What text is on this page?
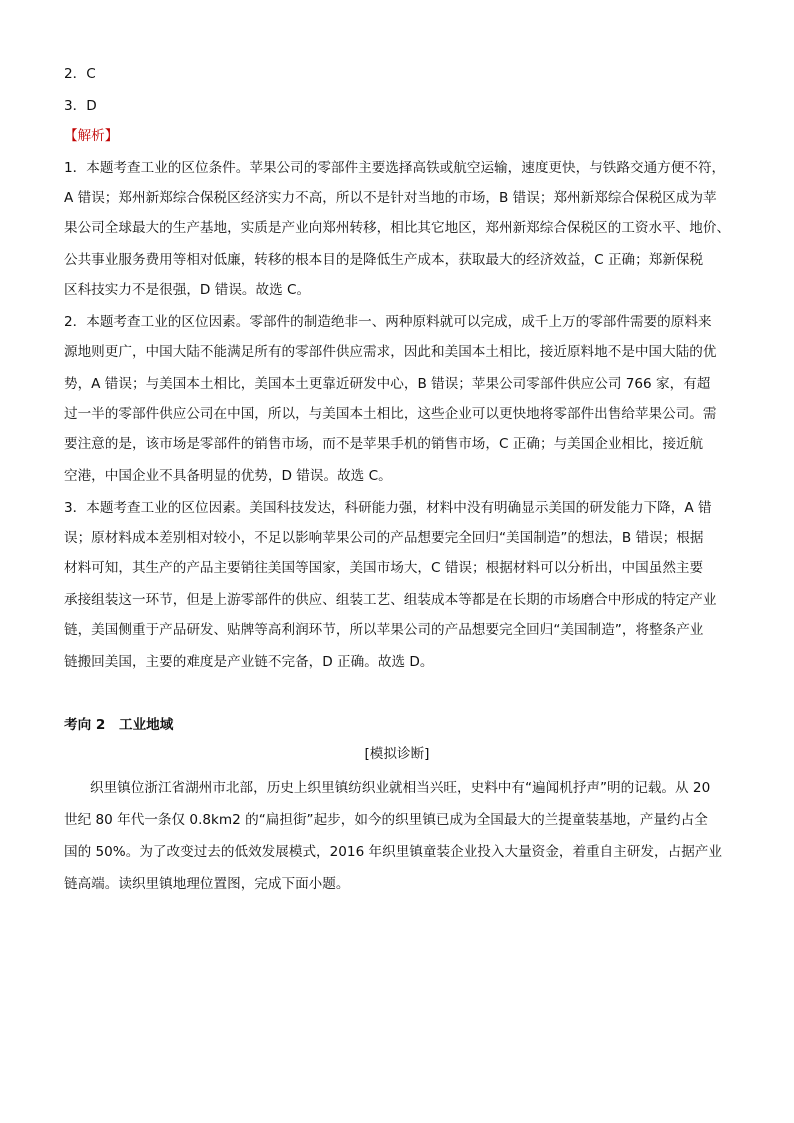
2．C
3．D
【解析】
1．本题考查工业的区位条件。苹果公司的零部件主要选择高铁或航空运输，速度更快，与铁路交通方便不符，
A 错误；郑州新郑综合保税区经济实力不高，所以不是针对当地的市场，B 错误；郑州新郑综合保税区成为苹
果公司全球最大的生产基地，实质是产业向郑州转移，相比其它地区，郑州新郑综合保税区的工资水平、地价、
公共事业服务费用等相对低廉，转移的根本目的是降低生产成本，获取最大的经济效益，C 正确；郑新保税
区科技实力不是很强，D 错误。故选 C。
2．本题考查工业的区位因素。零部件的制造绝非一、两种原料就可以完成，成千上万的零部件需要的原料来
源地则更广，中国大陆不能满足所有的零部件供应需求，因此和美国本土相比，接近原料地不是中国大陆的优
势，A 错误；与美国本土相比，美国本土更靠近研发中心，B 错误；苹果公司零部件供应公司 766 家，有超
过一半的零部件供应公司在中国，所以，与美国本土相比，这些企业可以更快地将零部件出售给苹果公司。需
要注意的是，该市场是零部件的销售市场，而不是苹果手机的销售市场，C 正确；与美国企业相比，接近航
空港，中国企业不具备明显的优势，D 错误。故选 C。
3．本题考查工业的区位因素。美国科技发达，科研能力强，材料中没有明确显示美国的研发能力下降，A 错
误；原材料成本差别相对较小，不足以影响苹果公司的产品想要完全回归“美国制造”的想法，B 错误；根据
材料可知，其生产的产品主要销往美国等国家，美国市场大，C 错误；根据材料可以分析出，中国虽然主要
承接组装这一环节，但是上游零部件的供应、组装工艺、组装成本等都是在长期的市场磨合中形成的特定产业
链，美国侧重于产品研发、贴牌等高利润环节，所以苹果公司的产品想要完全回归“美国制造”，将整条产业
链搬回美国，主要的难度是产业链不完备，D 正确。故选 D。
考向 2　工业地域
[模拟诊断]
织里镇位浙江省湖州市北部，历史上织里镇纺织业就相当兴旺，史料中有“遍闻机抒声”明的记载。从 20
世纪 80 年代一条仅 0.8km2 的“扁担街”起步，如今的织里镇已成为全国最大的兰提童装基地，产量约占全
国的 50%。为了改变过去的低效发展模式，2016 年织里镇童装企业投入大量资金，着重自主研发，占据产业
链高端。读织里镇地理位置图，完成下面小题。
